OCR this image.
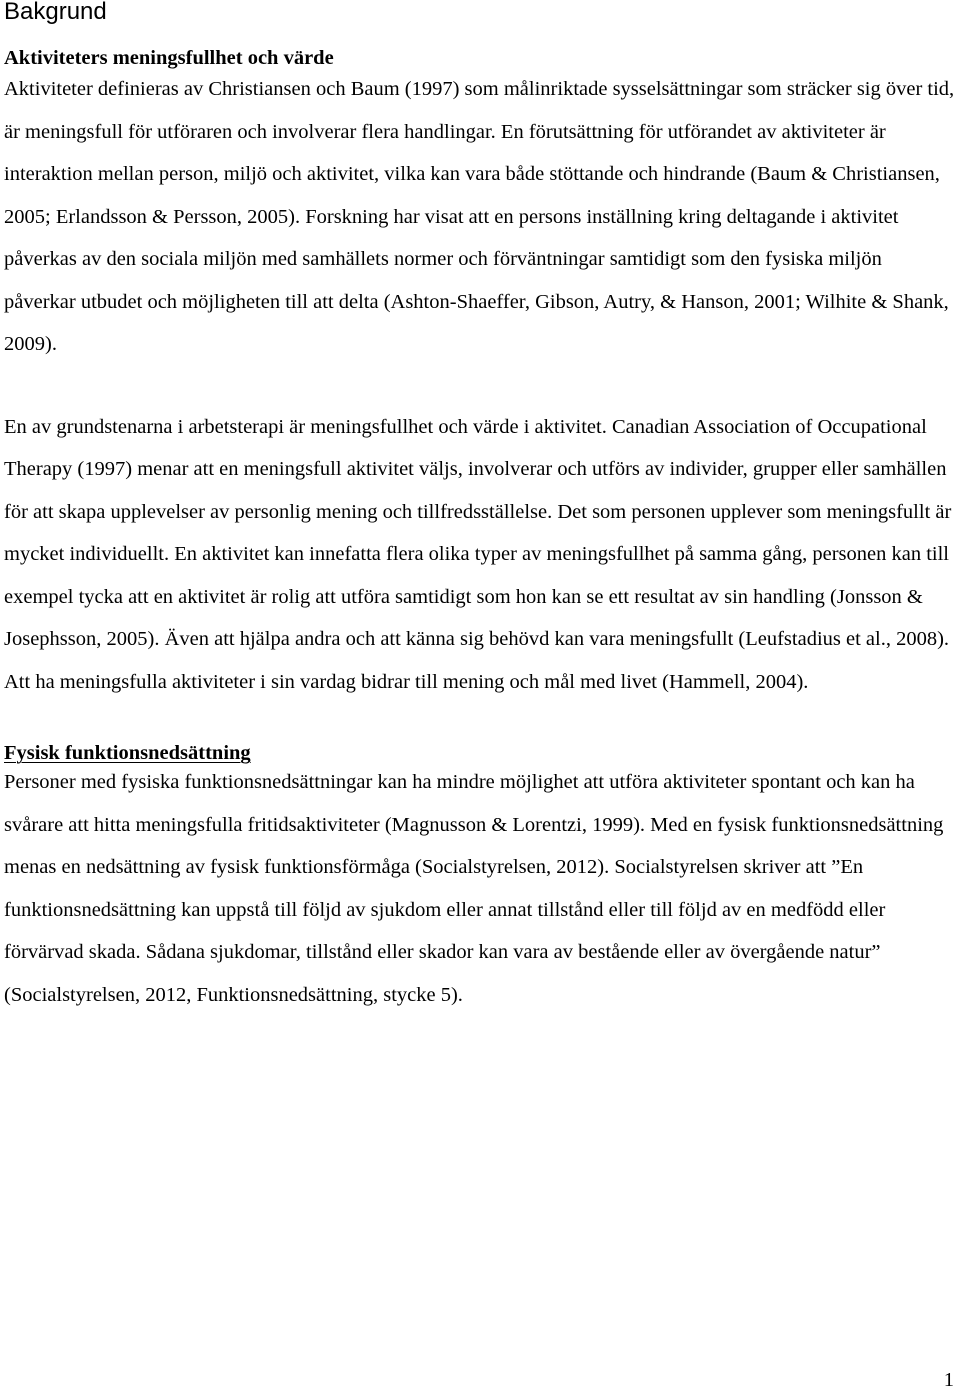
Bakgrund
Aktiviteters meningsfullhet och värde

Aktiviteter definieras av Christiansen och Baum (1997) som målinriktade sysselsättningar som sträcker sig över tid, är meningsfull för utföraren och involverar flera handlingar. En förutsättning för utförandet av aktiviteter är interaktion mellan person, miljö och aktivitet, vilka kan vara både stöttande och hindrande (Baum & Christiansen, 2005; Erlandsson & Persson, 2005). Forskning har visat att en persons inställning kring deltagande i aktivitet påverkas av den sociala miljön med samhällets normer och förväntningar samtidigt som den fysiska miljön påverkar utbudet och möjligheten till att delta (Ashton-Shaeffer, Gibson, Autry, & Hanson, 2001; Wilhite & Shank, 2009).

En av grundstenarna i arbetsterapi är meningsfullhet och värde i aktivitet. Canadian Association of Occupational Therapy (1997) menar att en meningsfull aktivitet väljs, involverar och utförs av individer, grupper eller samhällen för att skapa upplevelser av personlig mening och tillfredsställelse. Det som personen upplever som meningsfullt är mycket individuellt. En aktivitet kan innefatta flera olika typer av meningsfullhet på samma gång, personen kan till exempel tycka att en aktivitet är rolig att utföra samtidigt som hon kan se ett resultat av sin handling (Jonsson & Josephsson, 2005). Även att hjälpa andra och att känna sig behövd kan vara meningsfullt (Leufstadius et al., 2008). Att ha meningsfulla aktiviteter i sin vardag bidrar till mening och mål med livet (Hammell, 2004).

Fysisk funktionsnedsättning

Personer med fysiska funktionsnedsättningar kan ha mindre möjlighet att utföra aktiviteter spontant och kan ha svårare att hitta meningsfulla fritidsaktiviteter (Magnusson & Lorentzi, 1999). Med en fysisk funktionsnedsättning menas en nedsättning av fysisk funktionsförmåga (Socialstyrelsen, 2012). Socialstyrelsen skriver att ”En funktionsnedsättning kan uppstå till följd av sjukdom eller annat tillstånd eller till följd av en medfödd eller förvärvad skada. Sådana sjukdomar, tillstånd eller skador kan vara av bestående eller av övergående natur” (Socialstyrelsen, 2012, Funktionsnedsättning, stycke 5).

1
